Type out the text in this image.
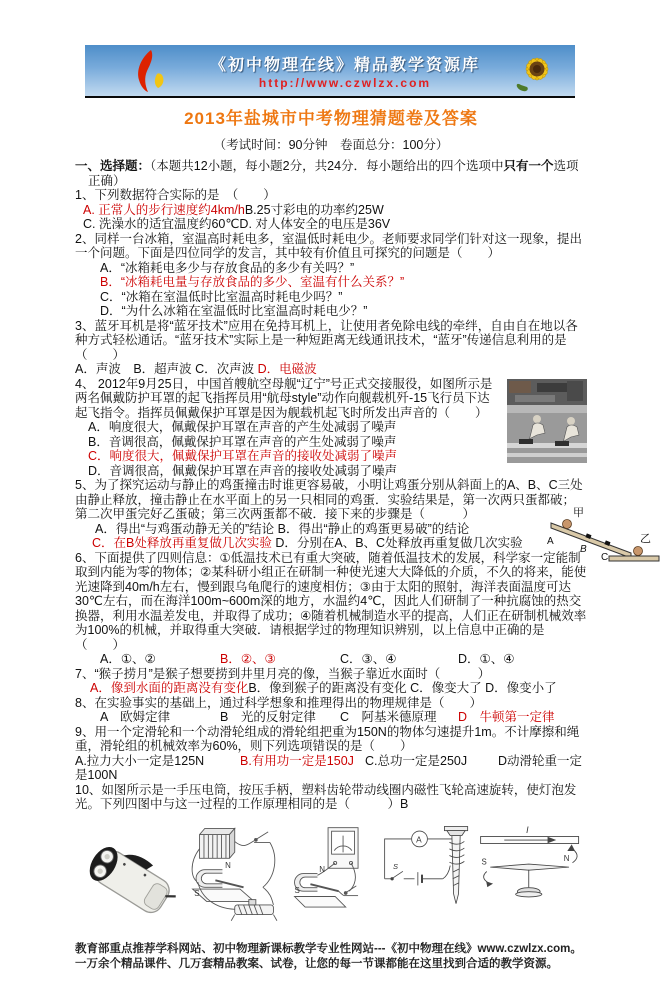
《初中物理在线》精品教学资源库
http://www.czwlzx.com
2013年盐城市中考物理猜题卷及答案
（考试时间：90分钟　卷面总分：100分）

一、选择题：（本题共12小题，每小题2分，共24分．每小题给出的四个选项中只有一个选项正确）

1、下列数据符合实际的是　（　　）
A. 正常人的步行速度约4km/hB.25寸彩电的功率约25W
C. 洗澡水的适宜温度约60℃D. 对人体安全的电压是36V

2、同样一台冰箱，室温高时耗电多，室温低时耗电少。老师要求同学们针对这一现象，提出一个问题。下面是四位同学的发言，其中较有价值且可探究的问题是（　　）
A．“冰箱耗电多少与存放食品的多少有关吗？”
B．“冰箱耗电量与存放食品的多少、室温有什么关系？”
C．“冰箱在室温低时比室温高时耗电少吗？”
D．“为什么冰箱在室温低时比室温高时耗电少？”

3、蓝牙耳机是将“蓝牙技术”应用在免持耳机上，让使用者免除电线的牵绊，自由自在地以各种方式轻松通话。“蓝牙技术”实际上是一种短距离无线通讯技术，“蓝牙”传递信息利用的是（　　）
A．声波　B．超声波 C．次声波 D．电磁波

4、 2012年9月25日，中国首艘航空母舰“辽宁”号正式交接服役，如图所示是两名佩戴防护耳罩的起飞指挥员用“航母style”动作向舰载机歼-15飞行员下达起飞指令。指挥员佩戴保护耳罩是因为舰载机起飞时所发出声音的（　　）
A．响度很大，佩戴保护耳罩在声音的产生处减弱了噪声
B．音调很高，佩戴保护耳罩在声音的产生处减弱了噪声
C．响度很大，佩戴保护耳罩在声音的接收处减弱了噪声
D．音调很高，佩戴保护耳罩在声音的接收处减弱了噪声

甲
乙
A
B
C
5、为了探究运动与静止的鸡蛋撞击时谁更容易破，小明让鸡蛋分别从斜面上的A、B、C三处由静止释放，撞击静止在水平面上的另一只相同的鸡蛋．实验结果是，第一次两只蛋都破；第二次甲蛋完好乙蛋破；第三次两蛋都不破．接下来的步骤是（　　　）
A．得出“与鸡蛋动静无关的”结论 B．得出“静止的鸡蛋更易破”的结论
C．在B处释放再重复做几次实验 D．分别在A、B、C处释放再重复做几次实验

6、下面提供了四则信息：①低温技术已有重大突破，随着低温技术的发展，科学家一定能制取到内能为零的物体；②某科研小组正在研制一种使光速大大降低的介质，不久的将来，能使光速降到40m/h左右，慢到跟乌龟爬行的速度相仿；③由于太阳的照射，海洋表面温度可达30℃左右，而在海洋100m~600m深的地方，水温约4℃，因此人们研制了一种抗腐蚀的热交换器，利用水温差发电，并取得了成功；④随着机械制造水平的提高，人们正在研制机械效率为100%的机械，并取得重大突破．请根据学过的物理知识辨别，以上信息中正确的是（　　）
A．①、②	B．②、③	C．③、④	D．①、④

7、“猴子捞月”是猴子想要捞到井里月亮的像，当猴子靠近水面时（　　　）
A．像到水面的距离没有变化B．像到猴子的距离没有变化 C．像变大了 D．像变小了

8、在实验事实的基础上，通过科学想象和推理得出的物理规律是（　　）
A　欧姆定律	B　光的反射定律 C　阿基米德原理 D　牛顿第一定律

9、用一个定滑轮和一个动滑轮组成的滑轮组把重为150N的物体匀速提升1m。不计摩擦和绳重，滑轮组的机械效率为60%，则下列选项错误的是（　　）
A.拉力大小一定是125N	B.有用功一定是150J C.总功一定是250J D动滑轮重一定是100N

10、如图所示是一手压电筒，按压手柄，塑料齿轮带动线圈内磁性飞轮高速旋转，使灯泡发光。下列四图中与这一过程的工作原理相同的是（　　　）B

N
S
N
S
A
S
I
S	N

教育部重点推荐学科网站、初中物理新课标教学专业性网站---《初中物理在线》www.czwlzx.com。一万余个精品课件、几万套精品教案、试卷，让您的每一节课都能在这里找到合适的教学资源。
